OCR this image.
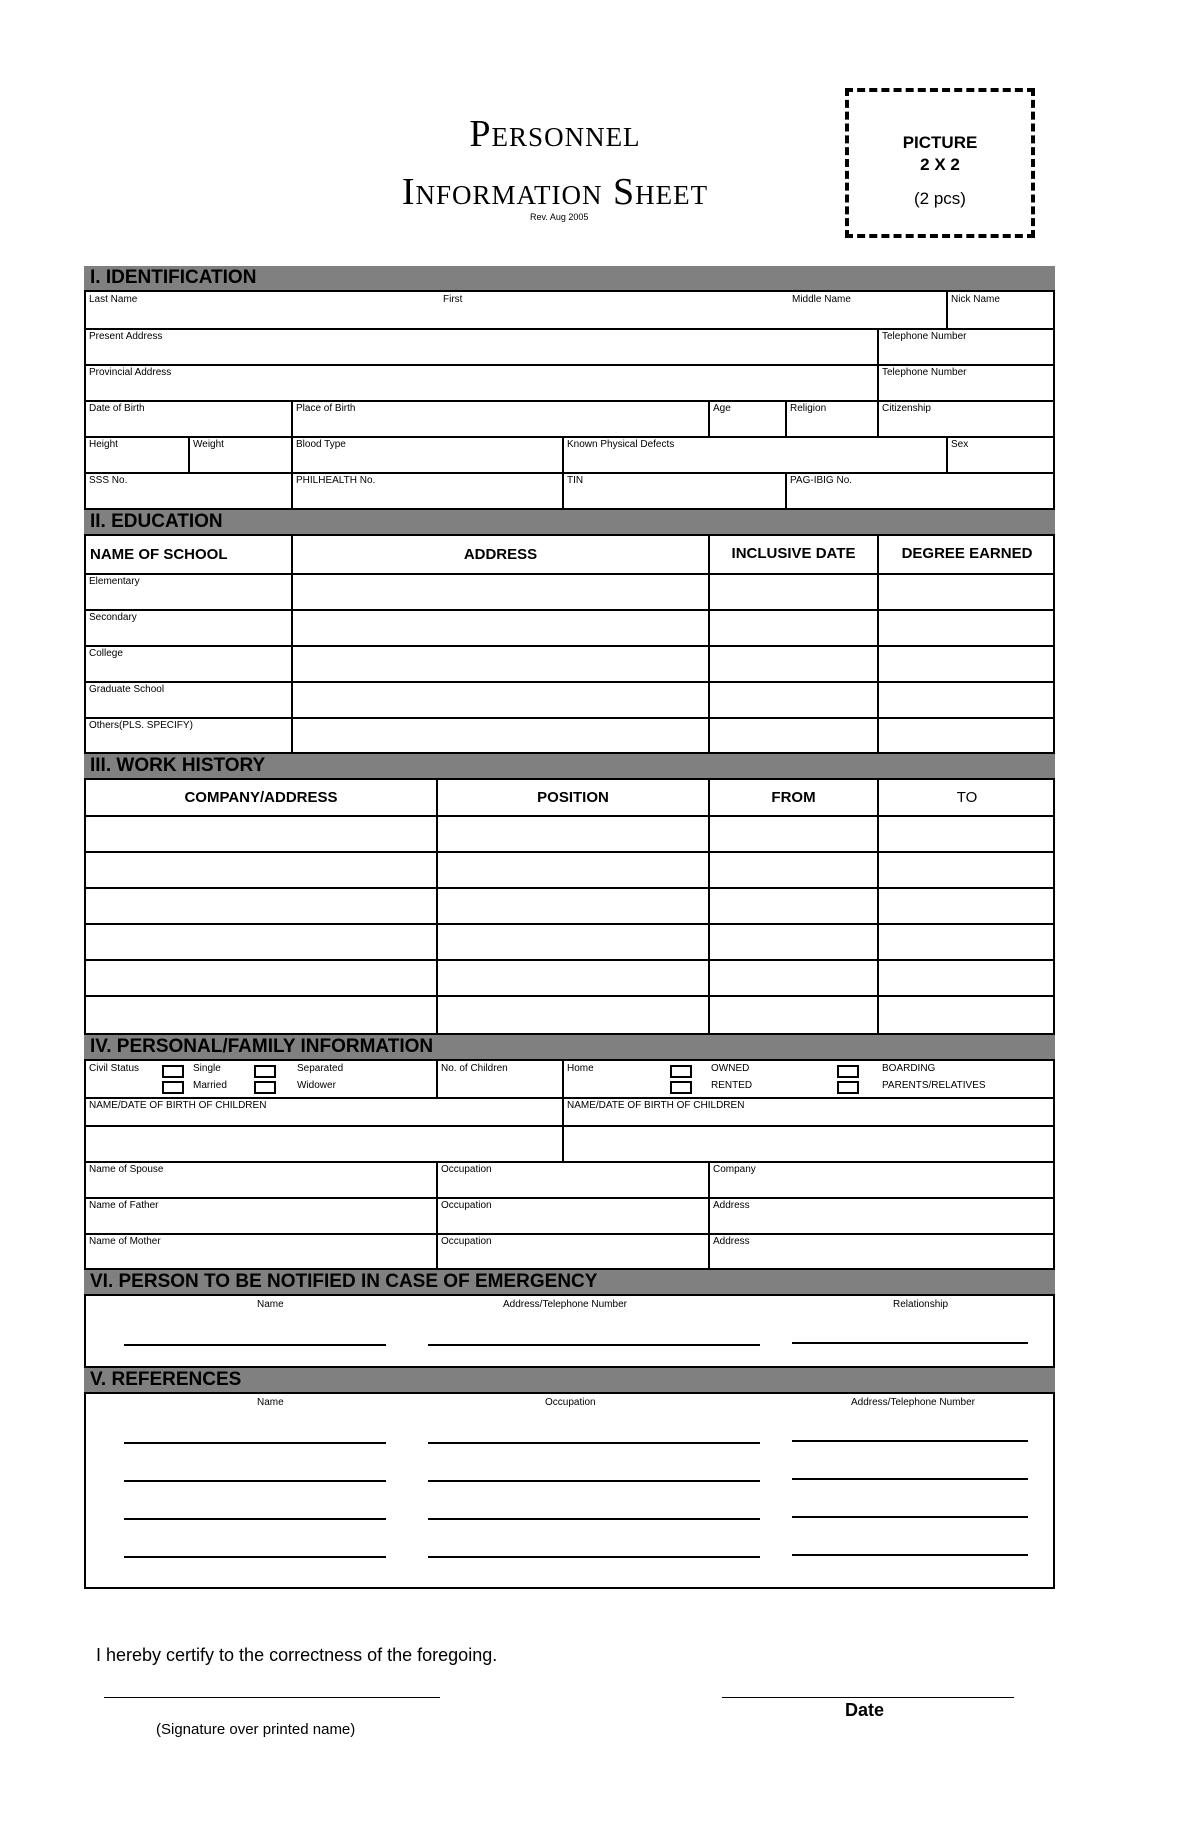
Personnel
Information Sheet
Rev. Aug 2005
PICTURE
2 X 2
(2 pcs)
I. IDENTIFICATION
Last Name	First	Middle Name	Nick Name
Present Address	Telephone Number
Provincial Address	Telephone Number
Date of Birth	Place of Birth	Age	Religion	Citizenship
Height	Weight	Blood Type	Known Physical Defects	Sex
SSS No.	PHILHEALTH No.	TIN	PAG-IBIG No.
II. EDUCATION
NAME OF SCHOOL	ADDRESS	INCLUSIVE DATE	DEGREE EARNED
Elementary
Secondary
College
Graduate School
Others(PLS. SPECIFY)
III. WORK HISTORY
COMPANY/ADDRESS	POSITION	FROM	TO
IV. PERSONAL/FAMILY INFORMATION
Civil Status	Single	Separated
Married	Widower
No. of Children	Home	OWNED
RENTED
BOARDING
PARENTS/RELATIVES
NAME/DATE OF BIRTH OF CHILDREN	NAME/DATE OF BIRTH OF CHILDREN
Name of Spouse	Occupation	Company
Name of Father	Occupation	Address
Name of Mother	Occupation	Address
VI. PERSON TO BE NOTIFIED IN CASE OF EMERGENCY
Name	Address/Telephone Number	Relationship
V. REFERENCES
Name	Occupation	Address/Telephone Number
I hereby certify to the correctness of the foregoing.
(Signature over printed name)
Date
